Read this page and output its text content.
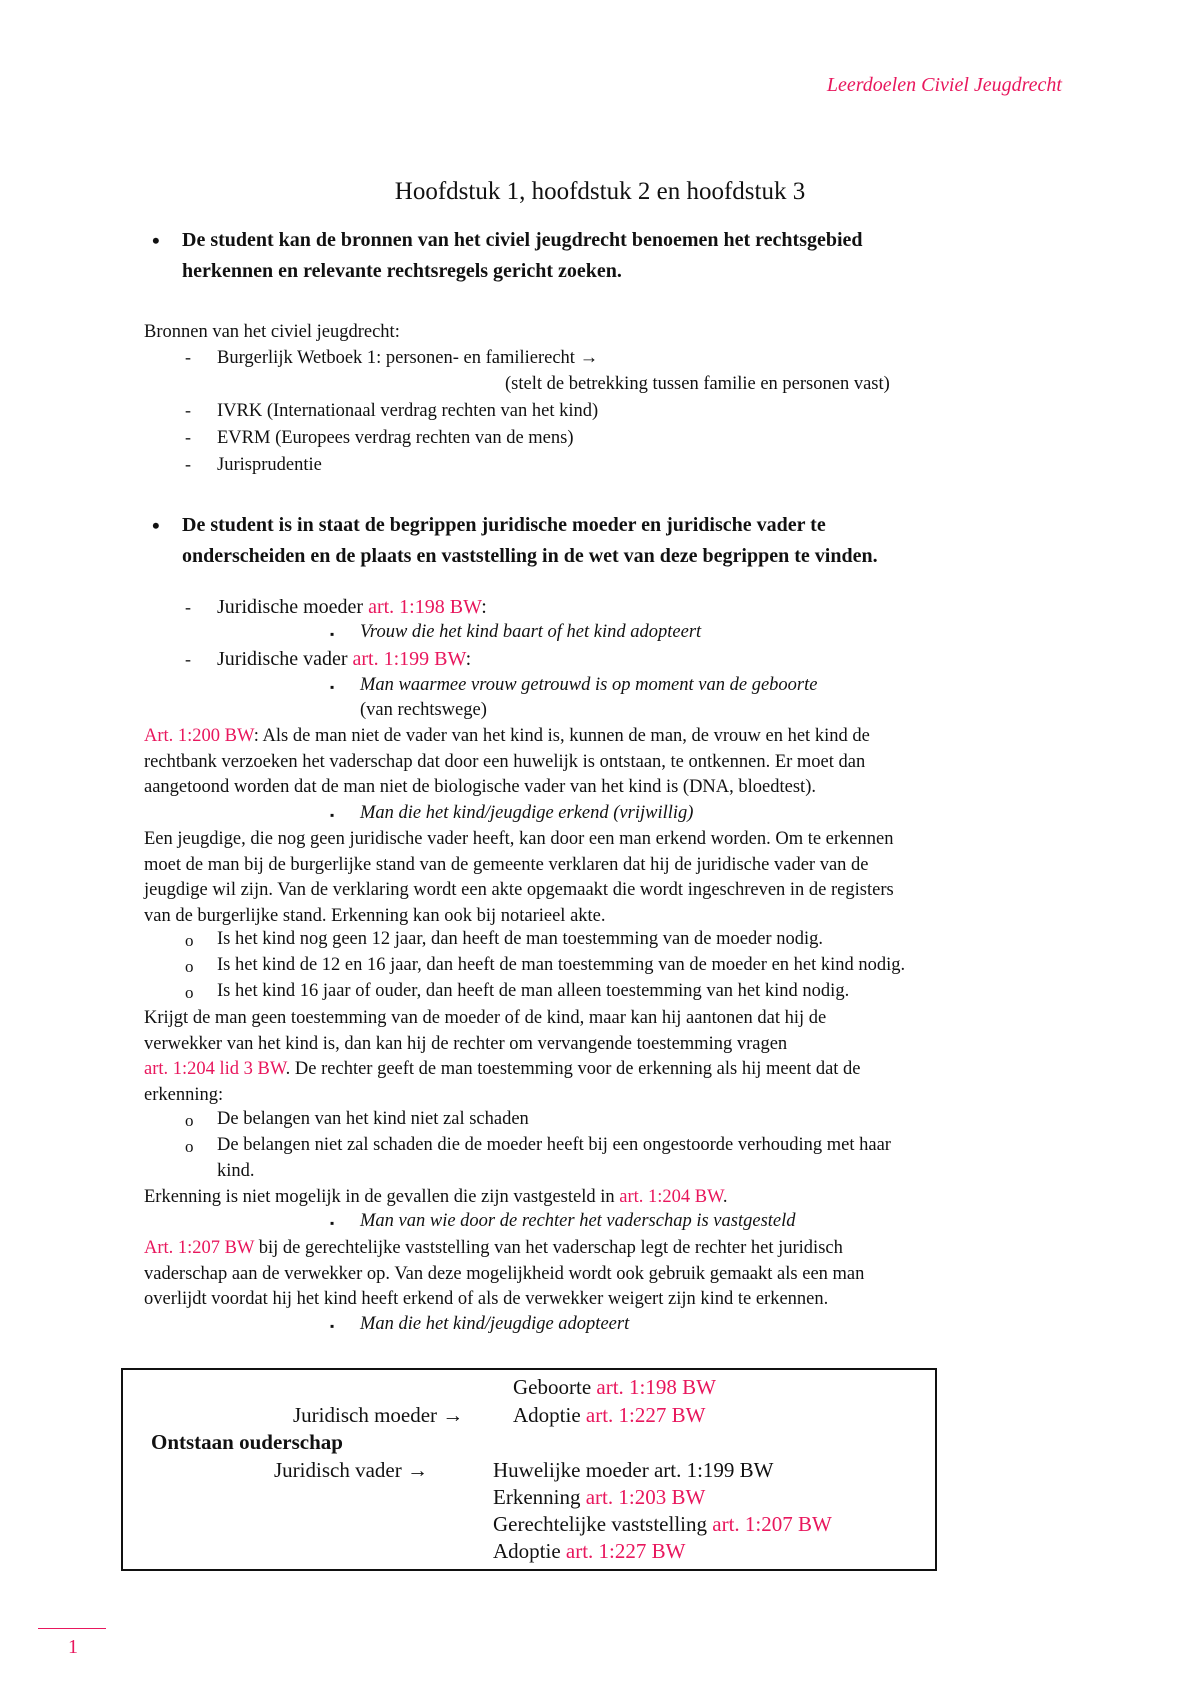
Leerdoelen Civiel Jeugdrecht
Hoofdstuk 1, hoofdstuk 2 en hoofdstuk 3
• De student kan de bronnen van het civiel jeugdrecht benoemen het rechtsgebied
herkennen en relevante rechtsregels gericht zoeken.
Bronnen van het civiel jeugdrecht:
- Burgerlijk Wetboek 1: personen- en familierecht →
(stelt de betrekking tussen familie en personen vast)
- IVRK (Internationaal verdrag rechten van het kind)
- EVRM (Europees verdrag rechten van de mens)
- Jurisprudentie
• De student is in staat de begrippen juridische moeder en juridische vader te
onderscheiden en de plaats en vaststelling in de wet van deze begrippen te vinden.
- Juridische moeder art. 1:198 BW:
▪ Vrouw die het kind baart of het kind adopteert
- Juridische vader art. 1:199 BW:
▪ Man waarmee vrouw getrouwd is op moment van de geboorte
(van rechtswege)
Art. 1:200 BW: Als de man niet de vader van het kind is, kunnen de man, de vrouw en het kind de
rechtbank verzoeken het vaderschap dat door een huwelijk is ontstaan, te ontkennen. Er moet dan
aangetoond worden dat de man niet de biologische vader van het kind is (DNA, bloedtest).
▪ Man die het kind/jeugdige erkend (vrijwillig)
Een jeugdige, die nog geen juridische vader heeft, kan door een man erkend worden. Om te erkennen
moet de man bij de burgerlijke stand van de gemeente verklaren dat hij de juridische vader van de
jeugdige wil zijn. Van de verklaring wordt een akte opgemaakt die wordt ingeschreven in de registers
van de burgerlijke stand. Erkenning kan ook bij notarieel akte.
o Is het kind nog geen 12 jaar, dan heeft de man toestemming van de moeder nodig.
o Is het kind de 12 en 16 jaar, dan heeft de man toestemming van de moeder en het kind nodig.
o Is het kind 16 jaar of ouder, dan heeft de man alleen toestemming van het kind nodig.
Krijgt de man geen toestemming van de moeder of de kind, maar kan hij aantonen dat hij de
verwekker van het kind is, dan kan hij de rechter om vervangende toestemming vragen
art. 1:204 lid 3 BW. De rechter geeft de man toestemming voor de erkenning als hij meent dat de
erkenning:
o De belangen van het kind niet zal schaden
o De belangen niet zal schaden die de moeder heeft bij een ongestoorde verhouding met haar
kind.
Erkenning is niet mogelijk in de gevallen die zijn vastgesteld in art. 1:204 BW.
▪ Man van wie door de rechter het vaderschap is vastgesteld
Art. 1:207 BW bij de gerechtelijke vaststelling van het vaderschap legt de rechter het juridisch
vaderschap aan de verwekker op. Van deze mogelijkheid wordt ook gebruik gemaakt als een man
overlijdt voordat hij het kind heeft erkend of als de verwekker weigert zijn kind te erkennen.
▪ Man die het kind/jeugdige adopteert
Geboorte art. 1:198 BW
Juridisch moeder → Adoptie art. 1:227 BW
Ontstaan ouderschap
Juridisch vader →	Huwelijke moeder art. 1:199 BW
Erkenning art. 1:203 BW
Gerechtelijke vaststelling art. 1:207 BW
Adoptie art. 1:227 BW
1
